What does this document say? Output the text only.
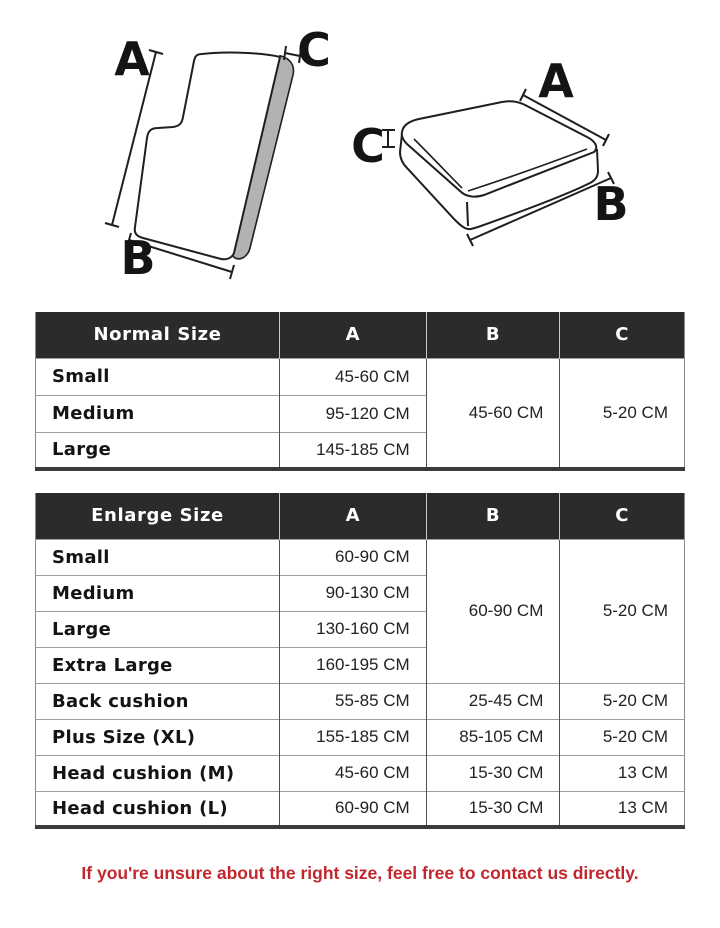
A
B
C
A
B
C
Normal Size	A	B	C
Small	45-60 CM	45-60 CM	5-20 CM
Medium	95-120 CM		
Large	145-185 CM		
Enlarge Size	A	B	C
Small	60-90 CM	60-90 CM	5-20 CM
Medium	90-130 CM		
Large	130-160 CM		
Extra Large	160-195 CM		
Back cushion	55-85 CM	25-45 CM	5-20 CM
Plus Size (XL)	155-185 CM	85-105 CM	5-20 CM
Head cushion (M)	45-60 CM	15-30 CM	13 CM
Head cushion (L)	60-90 CM	15-30 CM	13 CM
If you're unsure about the right size, feel free to contact us directly.
